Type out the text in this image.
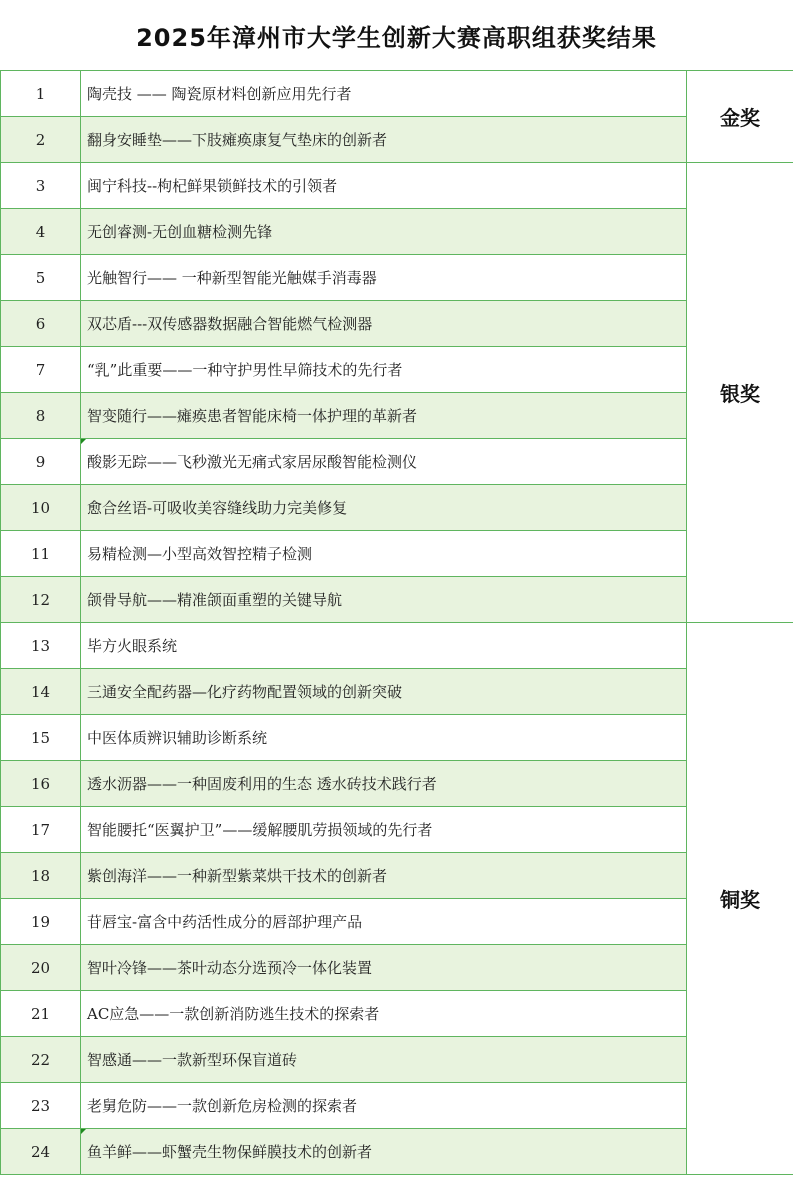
2025年漳州市大学生创新大赛高职组获奖结果
1	陶壳技 —— 陶瓷原材料创新应用先行者	金奖
2	翻身安睡垫——下肢瘫痪康复气垫床的创新者	
3	闽宁科技--枸杞鲜果锁鲜技术的引领者	银奖
4	无创睿测-无创血糖检测先锋	
5	光触智行—— 一种新型智能光触媒手消毒器	
6	双芯盾---双传感器数据融合智能燃气检测器	
7	“乳”此重要——一种守护男性早筛技术的先行者	
8	智变随行——瘫痪患者智能床椅一体护理的革新者	
9	酸影无踪——飞秒激光无痛式家居尿酸智能检测仪	
10	愈合丝语-可吸收美容缝线助力完美修复	
11	易精检测—小型高效智控精子检测	
12	颌骨导航——精准颌面重塑的关键导航	
13	毕方火眼系统	铜奖
14	三通安全配药器—化疗药物配置领域的创新突破	
15	中医体质辨识辅助诊断系统	
16	透水沥器——一种固废利用的生态 透水砖技术践行者	
17	智能腰托“医翼护卫”——缓解腰肌劳损领域的先行者	
18	紫创海洋——一种新型紫菜烘干技术的创新者	
19	苷唇宝-富含中药活性成分的唇部护理产品	
20	智叶冷锋——茶叶动态分选预冷一体化装置	
21	AC应急——一款创新消防逃生技术的探索者	
22	智感通——一款新型环保盲道砖	
23	老舅危防——一款创新危房检测的探索者	
24	鱼羊鲜——虾蟹壳生物保鲜膜技术的创新者	
